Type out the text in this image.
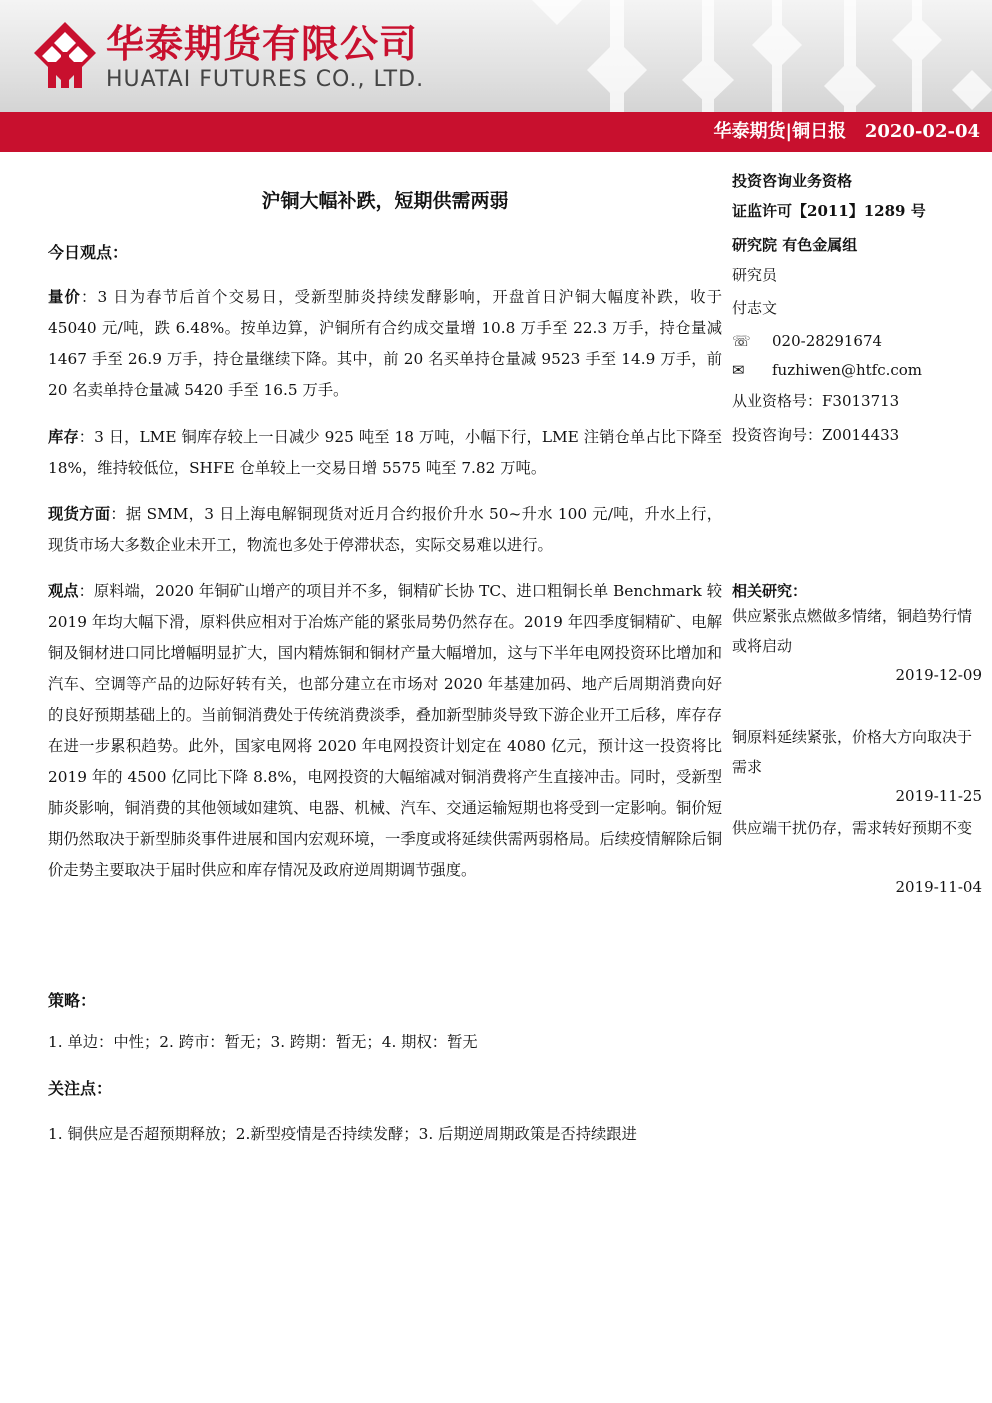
华泰期货有限公司
HUATAI FUTURES CO., LTD.
华泰期货|铜日报   2020-02-04
沪铜大幅补跌，短期供需两弱
今日观点：
量价：3 日为春节后首个交易日，受新型肺炎持续发酵影响，开盘首日沪铜大幅度补跌，收于 45040 元/吨，跌 6.48%。按单边算，沪铜所有合约成交量增 10.8 万手至 22.3 万手，持仓量减 1467 手至 26.9 万手，持仓量继续下降。其中，前 20 名买单持仓量减 9523 手至 14.9 万手，前 20 名卖单持仓量减 5420 手至 16.5 万手。
库存：3 日，LME 铜库存较上一日减少 925 吨至 18 万吨，小幅下行，LME 注销仓单占比下降至 18%，维持较低位，SHFE 仓单较上一交易日增 5575 吨至 7.82 万吨。
现货方面：据 SMM，3 日上海电解铜现货对近月合约报价升水 50~升水 100 元/吨，升水上行，现货市场大多数企业未开工，物流也多处于停滞状态，实际交易难以进行。
观点：原料端，2020 年铜矿山增产的项目并不多，铜精矿长协 TC、进口粗铜长单 Benchmark 较 2019 年均大幅下滑，原料供应相对于冶炼产能的紧张局势仍然存在。2019 年四季度铜精矿、电解铜及铜材进口同比增幅明显扩大，国内精炼铜和铜材产量大幅增加，这与下半年电网投资环比增加和汽车、空调等产品的边际好转有关，也部分建立在市场对 2020 年基建加码、地产后周期消费向好的良好预期基础上的。当前铜消费处于传统消费淡季，叠加新型肺炎导致下游企业开工后移，库存存在进一步累积趋势。此外，国家电网将 2020 年电网投资计划定在 4080 亿元，预计这一投资将比 2019 年的 4500 亿同比下降 8.8%，电网投资的大幅缩减对铜消费将产生直接冲击。同时，受新型肺炎影响，铜消费的其他领域如建筑、电器、机械、汽车、交通运输短期也将受到一定影响。铜价短期仍然取决于新型肺炎事件进展和国内宏观环境，一季度或将延续供需两弱格局。后续疫情解除后铜价走势主要取决于届时供应和库存情况及政府逆周期调节强度。
策略：
1. 单边：中性；2. 跨市：暂无；3. 跨期：暂无；4. 期权：暂无
关注点：
1. 铜供应是否超预期释放；2.新型疫情是否持续发酵；3. 后期逆周期政策是否持续跟进
投资咨询业务资格
证监许可【2011】1289 号
研究院 有色金属组
研究员
付志文
☏ 020-28291674
✉ fuzhiwen@htfc.com
从业资格号：F3013713
投资咨询号：Z0014433
相关研究：
供应紧张点燃做多情绪，铜趋势行情或将启动
2019-12-09
铜原料延续紧张，价格大方向取决于需求
2019-11-25
供应端干扰仍存，需求转好预期不变
2019-11-04
